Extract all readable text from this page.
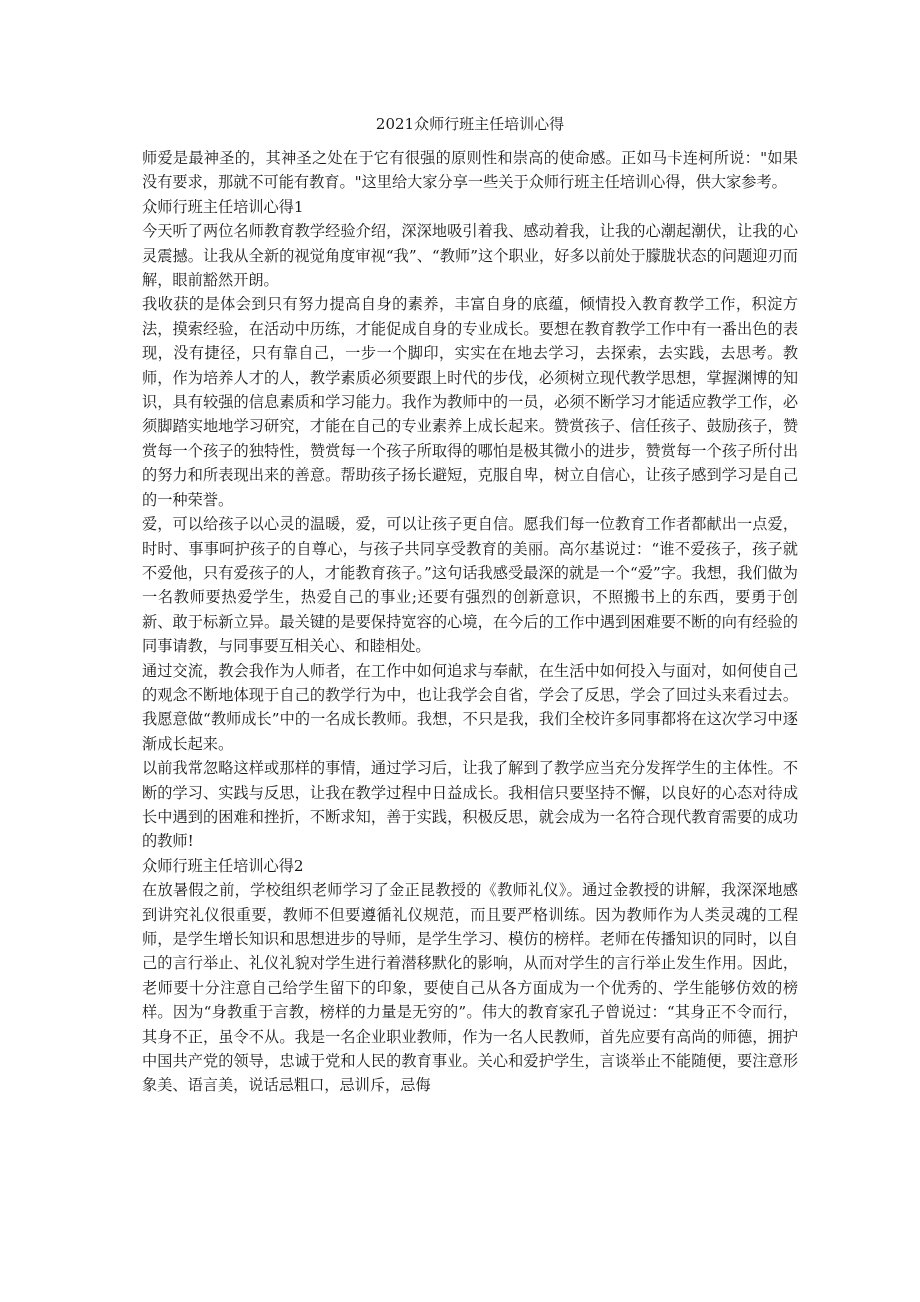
2021众师行班主任培训心得

师爱是最神圣的，其神圣之处在于它有很强的原则性和崇高的使命感。正如马卡连柯所说："如果没有要求，那就不可能有教育。"这里给大家分享一些关于众师行班主任培训心得，供大家参考。

众师行班主任培训心得1

今天听了两位名师教育教学经验介绍，深深地吸引着我、感动着我，让我的心潮起潮伏，让我的心灵震撼。让我从全新的视觉角度审视“我”、“教师”这个职业，好多以前处于朦胧状态的问题迎刃而解，眼前豁然开朗。

我收获的是体会到只有努力提高自身的素养，丰富自身的底蕴，倾情投入教育教学工作，积淀方法，摸索经验，在活动中历练，才能促成自身的专业成长。要想在教育教学工作中有一番出色的表现，没有捷径，只有靠自己，一步一个脚印，实实在在地去学习，去探索，去实践，去思考。教师，作为培养人才的人，教学素质必须要跟上时代的步伐，必须树立现代教学思想，掌握渊博的知识，具有较强的信息素质和学习能力。我作为教师中的一员，必须不断学习才能适应教学工作，必须脚踏实地地学习研究，才能在自己的专业素养上成长起来。赞赏孩子、信任孩子、鼓励孩子，赞赏每一个孩子的独特性，赞赏每一个孩子所取得的哪怕是极其微小的进步，赞赏每一个孩子所付出的努力和所表现出来的善意。帮助孩子扬长避短，克服自卑，树立自信心，让孩子感到学习是自己的一种荣誉。

爱，可以给孩子以心灵的温暖，爱，可以让孩子更自信。愿我们每一位教育工作者都献出一点爱，时时、事事呵护孩子的自尊心，与孩子共同享受教育的美丽。高尔基说过：“谁不爱孩子，孩子就不爱他，只有爱孩子的人，才能教育孩子。”这句话我感受最深的就是一个“爱”字。我想，我们做为一名教师要热爱学生，热爱自己的事业;还要有强烈的创新意识，不照搬书上的东西，要勇于创新、敢于标新立异。最关键的是要保持宽容的心境，在今后的工作中遇到困难要不断的向有经验的同事请教，与同事要互相关心、和睦相处。

通过交流，教会我作为人师者，在工作中如何追求与奉献，在生活中如何投入与面对，如何使自己的观念不断地体现于自己的教学行为中，也让我学会自省，学会了反思，学会了回过头来看过去。我愿意做“教师成长”中的一名成长教师。我想，不只是我，我们全校许多同事都将在这次学习中逐渐成长起来。

以前我常忽略这样或那样的事情，通过学习后，让我了解到了教学应当充分发挥学生的主体性。不断的学习、实践与反思，让我在教学过程中日益成长。我相信只要坚持不懈，以良好的心态对待成长中遇到的困难和挫折，不断求知，善于实践，积极反思，就会成为一名符合现代教育需要的成功的教师!

众师行班主任培训心得2

在放暑假之前，学校组织老师学习了金正昆教授的《教师礼仪》。通过金教授的讲解，我深深地感到讲究礼仪很重要，教师不但要遵循礼仪规范，而且要严格训练。因为教师作为人类灵魂的工程师，是学生增长知识和思想进步的导师，是学生学习、模仿的榜样。老师在传播知识的同时，以自己的言行举止、礼仪礼貌对学生进行着潜移默化的影响，从而对学生的言行举止发生作用。因此，老师要十分注意自己给学生留下的印象，要使自己从各方面成为一个优秀的、学生能够仿效的榜样。因为“身教重于言教，榜样的力量是无穷的”。伟大的教育家孔子曾说过：“其身正不令而行，其身不正，虽令不从。我是一名企业职业教师，作为一名人民教师，首先应要有高尚的师德，拥护中国共产党的领导，忠诚于党和人民的教育事业。关心和爱护学生，言谈举止不能随便，要注意形象美、语言美，说话忌粗口，忌训斥，忌侮
